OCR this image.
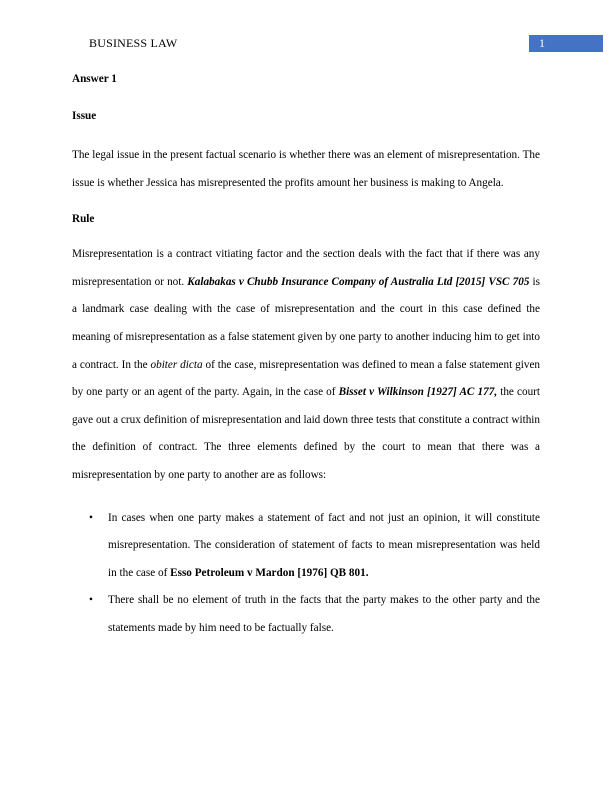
BUSINESS LAW	1

Answer 1

Issue

The legal issue in the present factual scenario is whether there was an element of misrepresentation. The issue is whether Jessica has misrepresented the profits amount her business is making to Angela.

Rule

Misrepresentation is a contract vitiating factor and the section deals with the fact that if there was any misrepresentation or not. Kalabakas v Chubb Insurance Company of Australia Ltd [2015] VSC 705 is a landmark case dealing with the case of misrepresentation and the court in this case defined the meaning of misrepresentation as a false statement given by one party to another inducing him to get into a contract. In the obiter dicta of the case, misrepresentation was defined to mean a false statement given by one party or an agent of the party. Again, in the case of Bisset v Wilkinson [1927] AC 177, the court gave out a crux definition of misrepresentation and laid down three tests that constitute a contract within the definition of contract. The three elements defined by the court to mean that there was a misrepresentation by one party to another are as follows:

• In cases when one party makes a statement of fact and not just an opinion, it will constitute misrepresentation. The consideration of statement of facts to mean misrepresentation was held in the case of Esso Petroleum v Mardon [1976] QB 801.
• There shall be no element of truth in the facts that the party makes to the other party and the statements made by him need to be factually false.
